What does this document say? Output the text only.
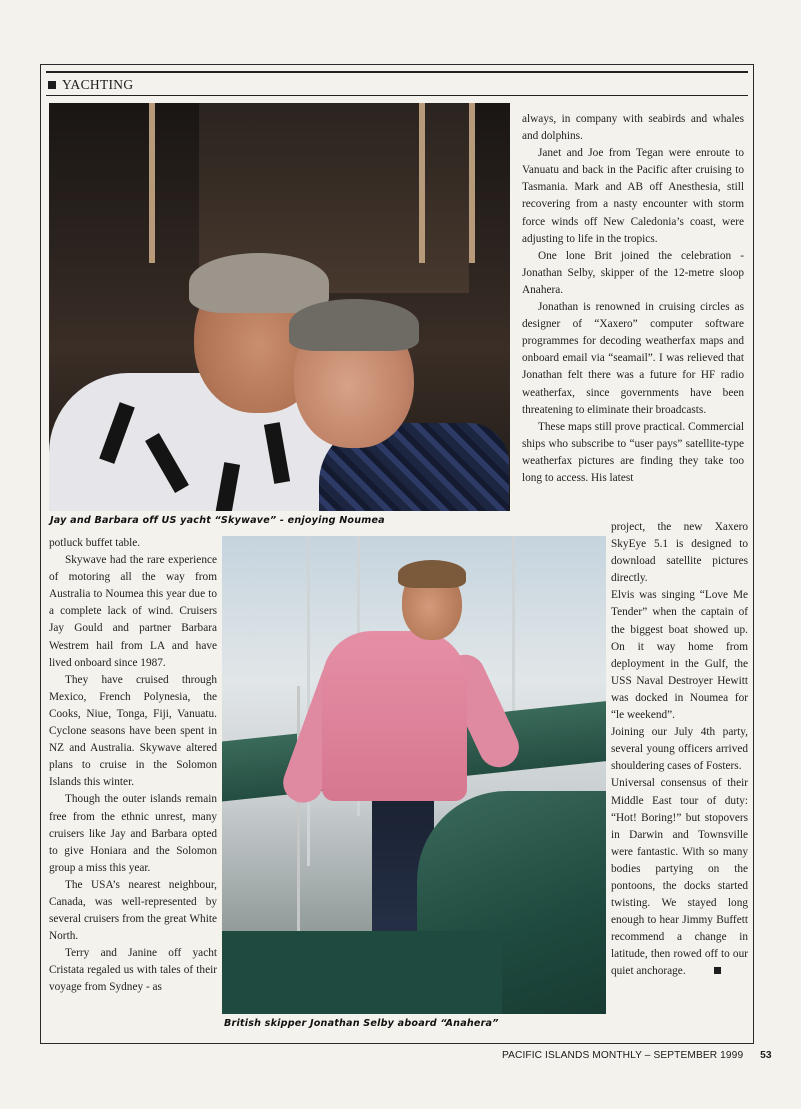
YACHTING
Jay and Barbara off US yacht “Skywave” - enjoying Noumea
British skipper Jonathan Selby aboard “Anahera”

always, in company with seabirds and whales and dolphins.

Janet and Joe from Tegan were enroute to Vanuatu and back in the Pacific after cruising to Tasmania. Mark and AB off Anesthesia, still recovering from a nasty encounter with storm force winds off New Caledonia’s coast, were adjusting to life in the tropics.

One lone Brit joined the celebration - Jonathan Selby, skipper of the 12-metre sloop Anahera.

Jonathan is renowned in cruising circles as designer of “Xaxero” computer software programmes for decoding weatherfax maps and onboard email via “seamail”. I was relieved that Jonathan felt there was a future for HF radio weatherfax, since governments have been threatening to eliminate their broadcasts.

These maps still prove practical. Commercial ships who subscribe to “user pays” satellite-type weatherfax pictures are finding they take too long to access. His latest

project, the new Xaxero SkyEye 5.1 is designed to download satellite pictures directly.

Elvis was singing “Love Me Tender” when the captain of the biggest boat showed up. On it way home from deployment in the Gulf, the USS Naval Destroyer Hewitt was docked in Noumea for “le weekend”.

Joining our July 4th party, several young officers arrived shouldering cases of Fosters.

Universal consensus of their Middle East tour of duty: “Hot! Boring!” but stopovers in Darwin and Townsville were fantastic. With so many bodies partying on the pontoons, the docks started twisting. We stayed long enough to hear Jimmy Buffett recommend a change in latitude, then rowed off to our quiet anchorage.

potluck buffet table.

Skywave had the rare experience of motoring all the way from Australia to Noumea this year due to a complete lack of wind. Cruisers Jay Gould and partner Barbara Westrem hail from LA and have lived onboard since 1987.

They have cruised through Mexico, French Polynesia, the Cooks, Niue, Tonga, Fiji, Vanuatu. Cyclone seasons have been spent in NZ and Australia. Skywave altered plans to cruise in the Solomon Islands this winter.

Though the outer islands remain free from the ethnic unrest, many cruisers like Jay and Barbara opted to give Honiara and the Solomon group a miss this year.

The USA’s nearest neighbour, Canada, was well-represented by several cruisers from the great White North.

Terry and Janine off yacht Cristata regaled us with tales of their voyage from Sydney - as

PACIFIC ISLANDS MONTHLY – SEPTEMBER 1999 53
